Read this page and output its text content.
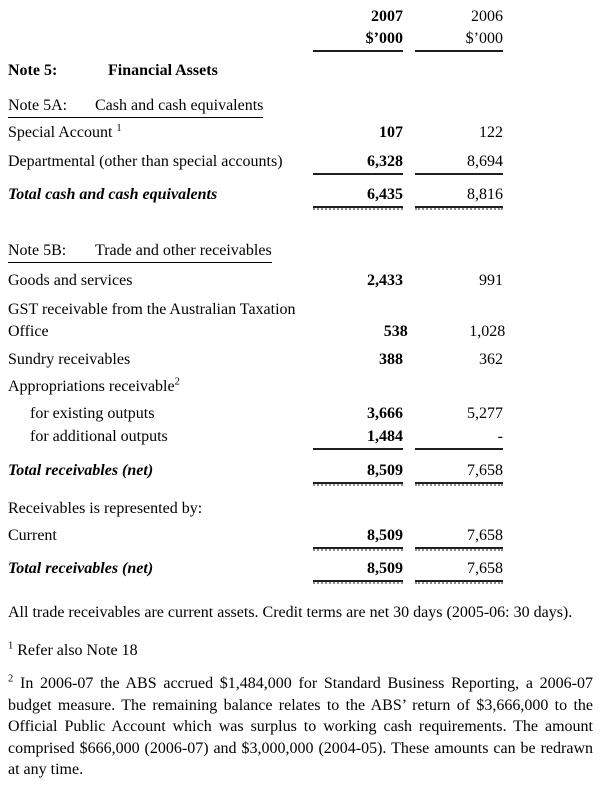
2007	2006
$’000	$’000
Note 5:	Financial Assets
Note 5A: Cash and cash equivalents
Special Account $^1$	107	122
Departmental (other than special accounts)	6,328	8,694
Total cash and cash equivalents	6,435	8,816
Note 5B: Trade and other receivables
Goods and services	2,433	991
GST receivable from the Australian Taxation Office	538	1,028
Sundry receivables	388	362
Appropriations receivable$^2$
for existing outputs	3,666	5,277
for additional outputs	1,484	-
Total receivables (net)	8,509	7,658
Receivables is represented by:
Current	8,509	7,658
Total receivables (net)	8,509	7,658
All trade receivables are current assets. Credit terms are net 30 days (2005-06: 30 days).
$^1$ Refer also Note 18
$^2$ In 2006-07 the ABS accrued $1,484,000 for Standard Business Reporting, a 2006-07 budget measure. The remaining balance relates to the ABS’ return of $3,666,000 to the Official Public Account which was surplus to working cash requirements. The amount comprised $666,000 (2006-07) and $3,000,000 (2004-05). These amounts can be redrawn at any time.
